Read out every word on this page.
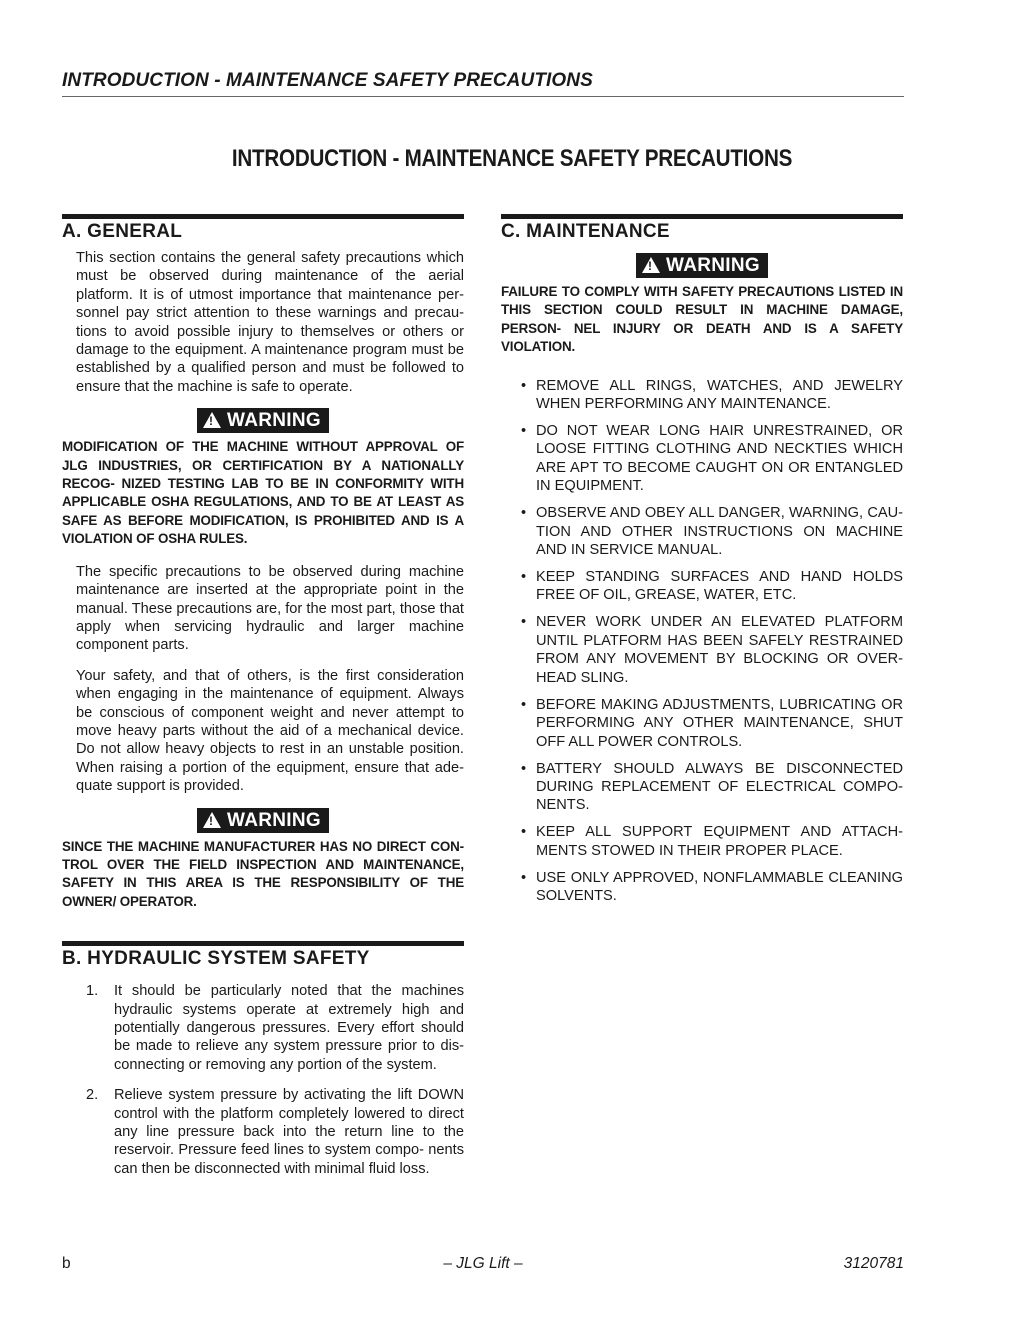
INTRODUCTION - MAINTENANCE SAFETY PRECAUTIONS
INTRODUCTION - MAINTENANCE SAFETY PRECAUTIONS
A. GENERAL

This section contains the general safety precautions which must be observed during maintenance of the aerial platform. It is of utmost importance that maintenance per- sonnel pay strict attention to these warnings and precau- tions to avoid possible injury to themselves or others or damage to the equipment. A maintenance program must be established by a qualified person and must be followed to ensure that the machine is safe to operate.

!WARNING

MODIFICATION OF THE MACHINE WITHOUT APPROVAL OF JLG INDUSTRIES, OR CERTIFICATION BY A NATIONALLY RECOG- NIZED TESTING LAB TO BE IN CONFORMITY WITH APPLICABLE OSHA REGULATIONS, AND TO BE AT LEAST AS SAFE AS BEFORE MODIFICATION, IS PROHIBITED AND IS A VIOLATION OF OSHA RULES.

The specific precautions to be observed during machine maintenance are inserted at the appropriate point in the manual. These precautions are, for the most part, those that apply when servicing hydraulic and larger machine component parts.

Your safety, and that of others, is the first consideration when engaging in the maintenance of equipment. Always be conscious of component weight and never attempt to move heavy parts without the aid of a mechanical device. Do not allow heavy objects to rest in an unstable position. When raising a portion of the equipment, ensure that ade- quate support is provided.

!WARNING

SINCE THE MACHINE MANUFACTURER HAS NO DIRECT CON- TROL OVER THE FIELD INSPECTION AND MAINTENANCE, SAFETY IN THIS AREA IS THE RESPONSIBILITY OF THE OWNER/ OPERATOR.

B. HYDRAULIC SYSTEM SAFETY
1. It should be particularly noted that the machines hydraulic systems operate at extremely high and potentially dangerous pressures. Every effort should be made to relieve any system pressure prior to dis- connecting or removing any portion of the system.
2. Relieve system pressure by activating the lift DOWN control with the platform completely lowered to direct any line pressure back into the return line to the reservoir. Pressure feed lines to system compo- nents can then be disconnected with minimal fluid loss.
C. MAINTENANCE
!WARNING

FAILURE TO COMPLY WITH SAFETY PRECAUTIONS LISTED IN THIS SECTION COULD RESULT IN MACHINE DAMAGE, PERSON- NEL INJURY OR DEATH AND IS A SAFETY VIOLATION.

• REMOVE ALL RINGS, WATCHES, AND JEWELRY WHEN PERFORMING ANY MAINTENANCE.
• DO NOT WEAR LONG HAIR UNRESTRAINED, OR LOOSE FITTING CLOTHING AND NECKTIES WHICH ARE APT TO BECOME CAUGHT ON OR ENTANGLED IN EQUIPMENT.
• OBSERVE AND OBEY ALL DANGER, WARNING, CAU- TION AND OTHER INSTRUCTIONS ON MACHINE AND IN SERVICE MANUAL.
• KEEP STANDING SURFACES AND HAND HOLDS FREE OF OIL, GREASE, WATER, ETC.
• NEVER WORK UNDER AN ELEVATED PLATFORM UNTIL PLATFORM HAS BEEN SAFELY RESTRAINED FROM ANY MOVEMENT BY BLOCKING OR OVER- HEAD SLING.
• BEFORE MAKING ADJUSTMENTS, LUBRICATING OR PERFORMING ANY OTHER MAINTENANCE, SHUT OFF ALL POWER CONTROLS.
• BATTERY SHOULD ALWAYS BE DISCONNECTED DURING REPLACEMENT OF ELECTRICAL COMPO- NENTS.
• KEEP ALL SUPPORT EQUIPMENT AND ATTACH- MENTS STOWED IN THEIR PROPER PLACE.
• USE ONLY APPROVED, NONFLAMMABLE CLEANING SOLVENTS.
b	– JLG Lift –	3120781
